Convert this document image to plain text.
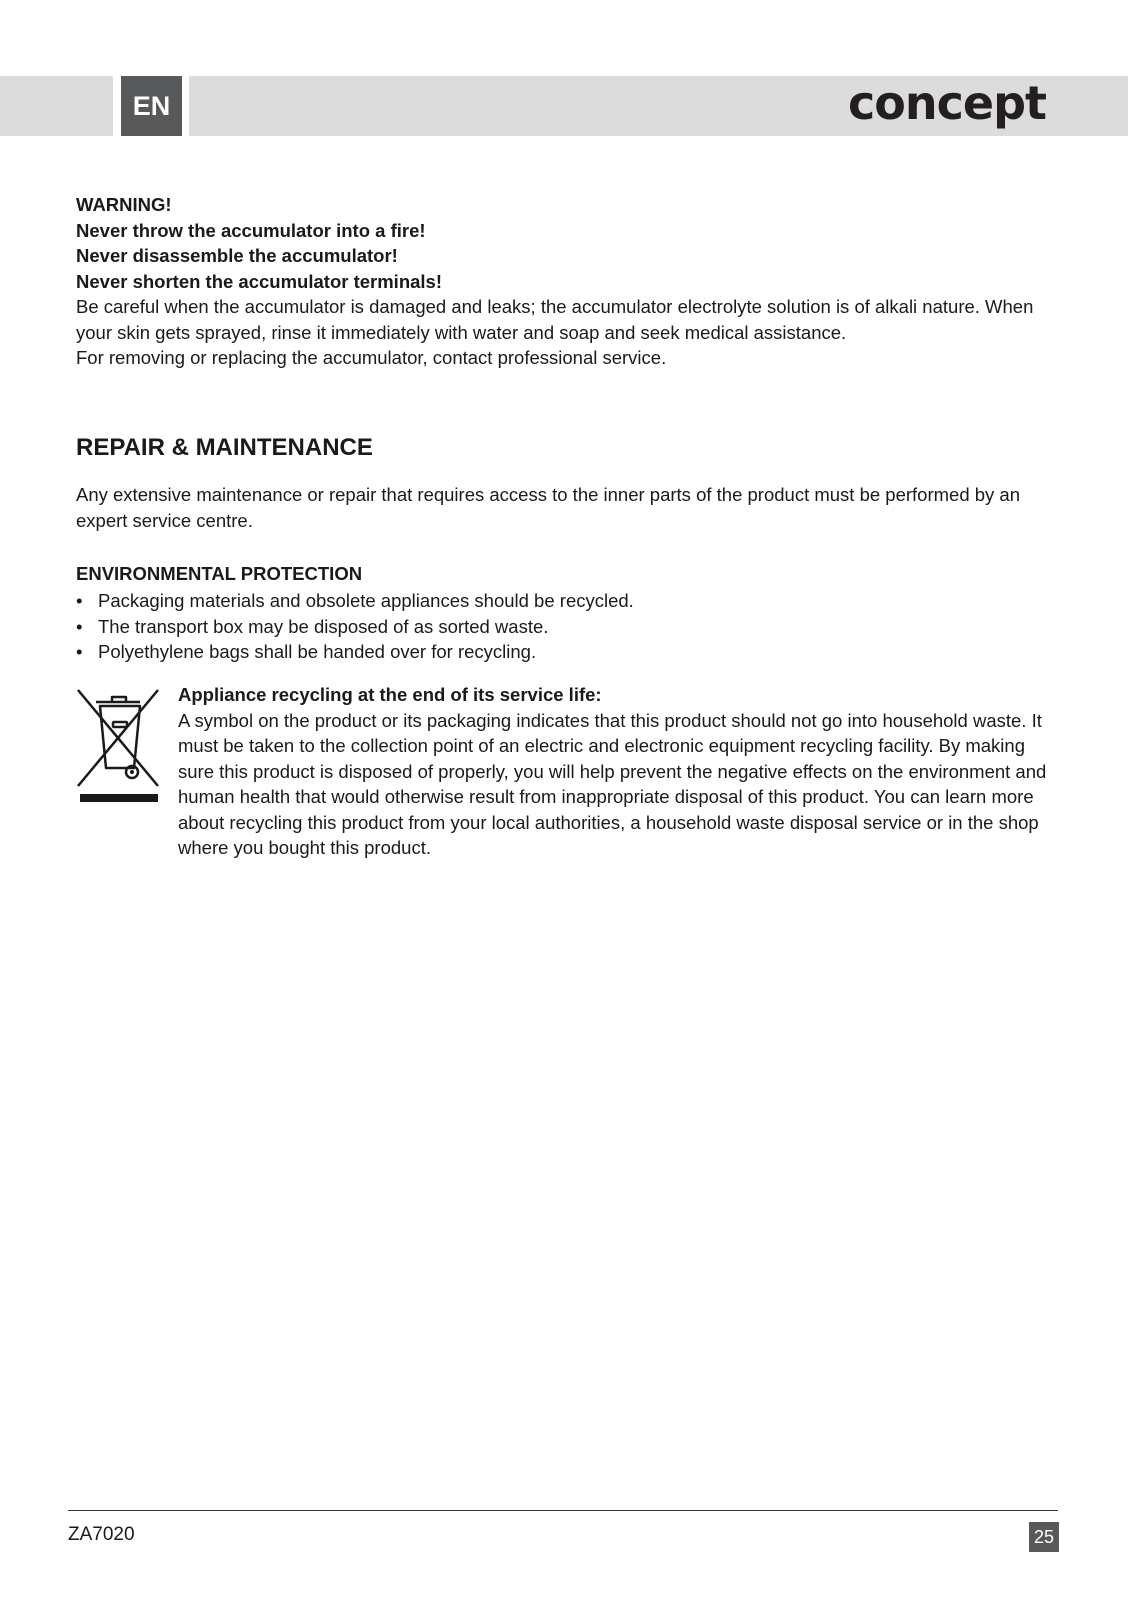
EN	concept

WARNING!

Never throw the accumulator into a fire!

Never disassemble the accumulator!

Never shorten the accumulator terminals!

Be careful when the accumulator is damaged and leaks; the accumulator electrolyte solution is of alkali nature. When your skin gets sprayed, rinse it immediately with water and soap and seek medical assistance.

For removing or replacing the accumulator, contact professional service.

REPAIR & MAINTENANCE

Any extensive maintenance or repair that requires access to the inner parts of the product must be performed by an expert service centre.

ENVIRONMENTAL PROTECTION

• Packaging materials and obsolete appliances should be recycled.
• The transport box may be disposed of as sorted waste.
• Polyethylene bags shall be handed over for recycling.

Appliance recycling at the end of its service life:

A symbol on the product or its packaging indicates that this product should not go into household waste. It must be taken to the collection point of an electric and electronic equipment recycling facility. By making sure this product is disposed of properly, you will help prevent the negative effects on the environment and human health that would otherwise result from inappropriate disposal of this product. You can learn more about recycling this product from your local authorities, a household waste disposal service or in the shop where you bought this product.

ZA7020	25
